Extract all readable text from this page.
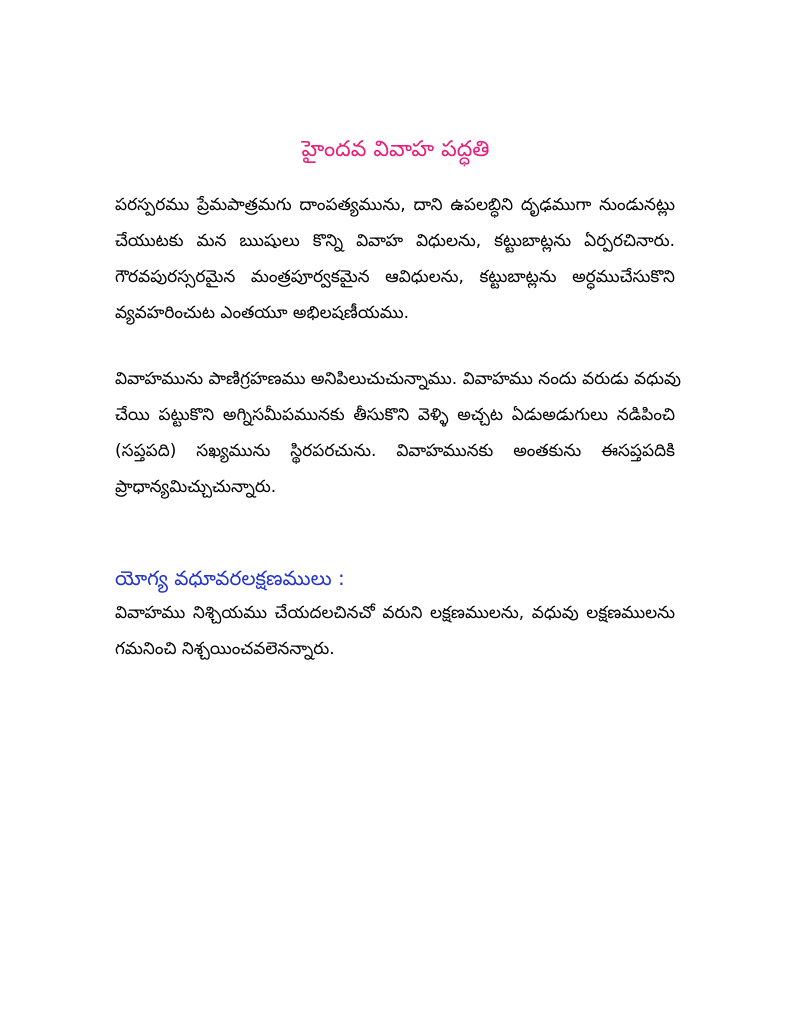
హైందవ వివాహ పద్ధతి
పరస్పరము ప్రేమపాత్రమగు దాంపత్యమును, దాని ఉపలబ్ధిని దృఢముగా నుండునట్లు
చేయుటకు మన ఋషులు కొన్ని వివాహ విధులను, కట్టుబాట్లను ఏర్పరచినారు.
గౌరవపురస్సరమైన మంత్రపూర్వకమైన ఆవిధులను, కట్టుబాట్లను అర్ధముచేసుకొని
వ్యవహరించుట ఎంతయూ అభిలషణీయము.
వివాహమును పాణిగ్రహణము అనిపిలుచుచున్నాము. వివాహము నందు వరుడు వధువు
చేయి పట్టుకొని అగ్నిసమీపమునకు తీసుకొని వెళ్ళి అచ్చట ఏడుఅడుగులు నడిపించి
(సప్తపది) సఖ్యమును స్థిరపరచును. వివాహమునకు అంతకును ఈసప్తపదికి
ప్రాధాన్యమిచ్చుచున్నారు.
యోగ్య వధూవరలక్షణములు :
వివాహము నిశ్చియము చేయదలచినచో వరుని లక్షణములను, వధువు లక్షణములను
గమనించి నిశ్చయించవలెనన్నారు.
